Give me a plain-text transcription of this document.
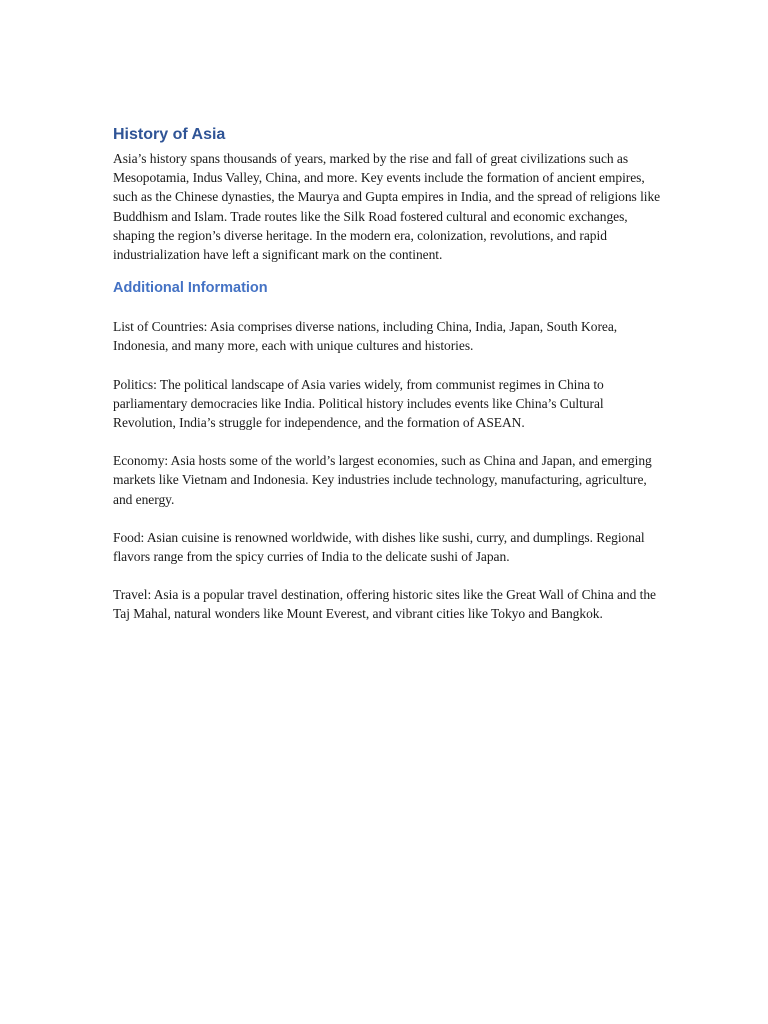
History of Asia

Asia’s history spans thousands of years, marked by the rise and fall of great civilizations such as Mesopotamia, Indus Valley, China, and more. Key events include the formation of ancient empires, such as the Chinese dynasties, the Maurya and Gupta empires in India, and the spread of religions like Buddhism and Islam. Trade routes like the Silk Road fostered cultural and economic exchanges, shaping the region’s diverse heritage. In the modern era, colonization, revolutions, and rapid industrialization have left a significant mark on the continent.

Additional Information

List of Countries: Asia comprises diverse nations, including China, India, Japan, South Korea, Indonesia, and many more, each with unique cultures and histories.

Politics: The political landscape of Asia varies widely, from communist regimes in China to parliamentary democracies like India. Political history includes events like China’s Cultural Revolution, India’s struggle for independence, and the formation of ASEAN.

Economy: Asia hosts some of the world’s largest economies, such as China and Japan, and emerging markets like Vietnam and Indonesia. Key industries include technology, manufacturing, agriculture, and energy.

Food: Asian cuisine is renowned worldwide, with dishes like sushi, curry, and dumplings. Regional flavors range from the spicy curries of India to the delicate sushi of Japan.

Travel: Asia is a popular travel destination, offering historic sites like the Great Wall of China and the Taj Mahal, natural wonders like Mount Everest, and vibrant cities like Tokyo and Bangkok.
